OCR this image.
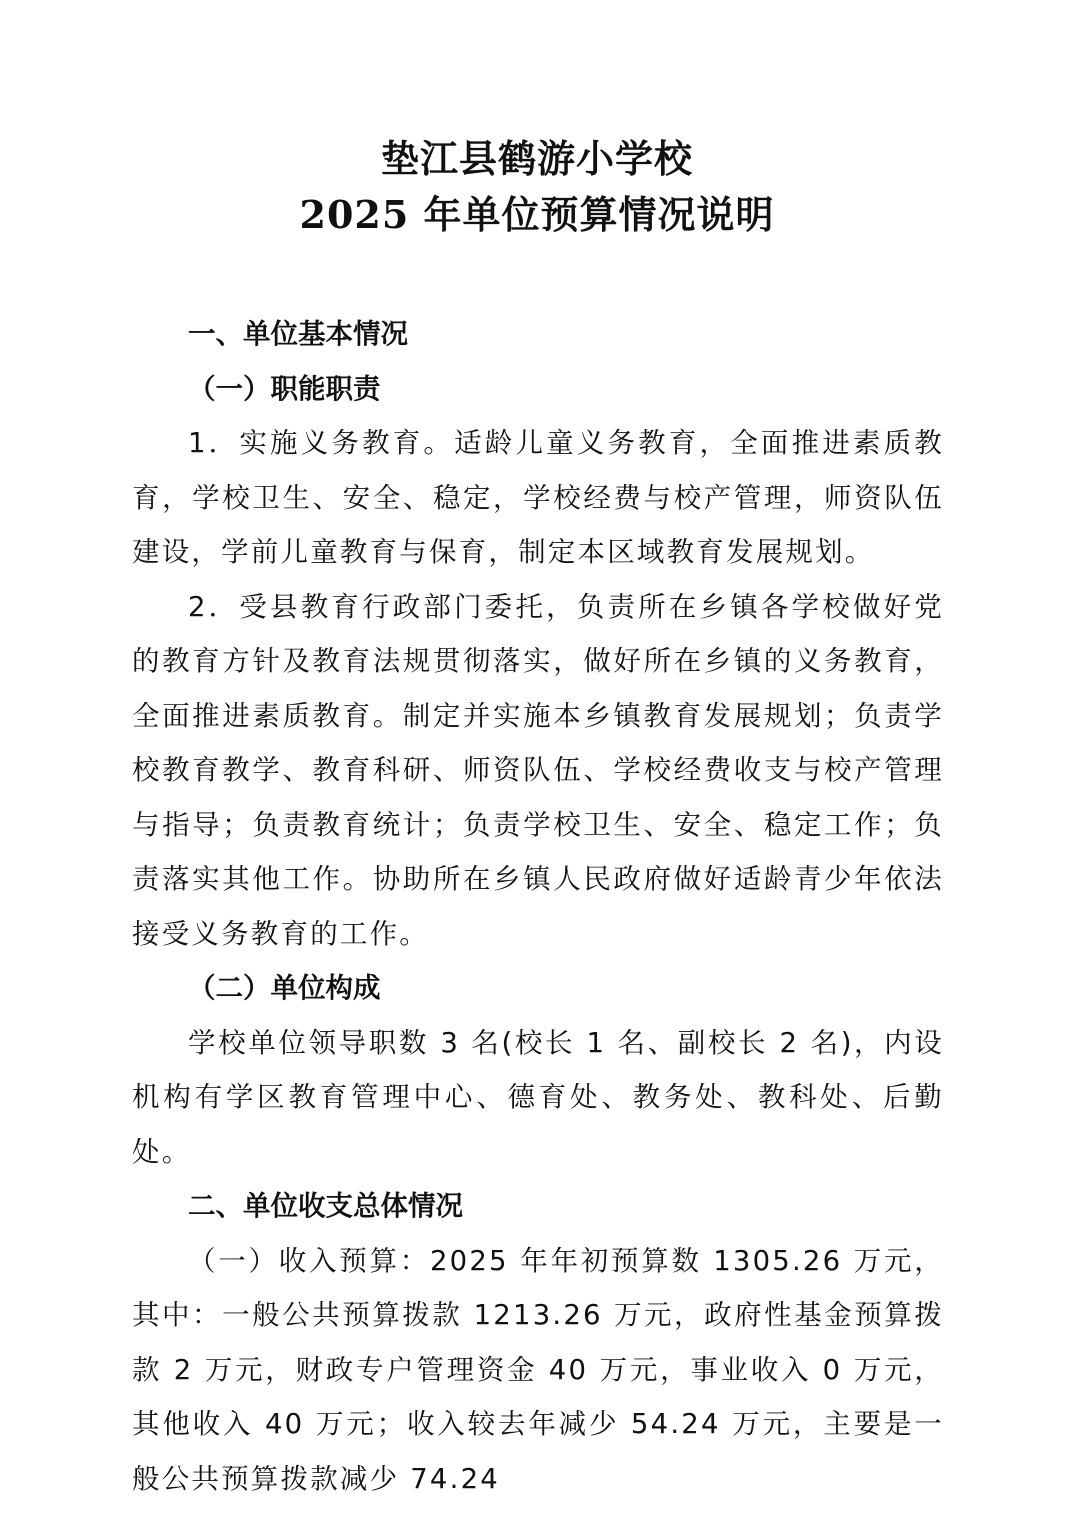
垫江县鹤游小学校
2025 年单位预算情况说明

一、单位基本情况

（一）职能职责

1．实施义务教育。适龄儿童义务教育，全面推进素质教育，学校卫生、安全、稳定，学校经费与校产管理，师资队伍建设，学前儿童教育与保育，制定本区域教育发展规划。

2．受县教育行政部门委托，负责所在乡镇各学校做好党的教育方针及教育法规贯彻落实，做好所在乡镇的义务教育，全面推进素质教育。制定并实施本乡镇教育发展规划；负责学校教育教学、教育科研、师资队伍、学校经费收支与校产管理与指导；负责教育统计；负责学校卫生、安全、稳定工作；负责落实其他工作。协助所在乡镇人民政府做好适龄青少年依法接受义务教育的工作。

（二）单位构成

学校单位领导职数 3 名(校长 1 名、副校长 2 名)，内设机构有学区教育管理中心、德育处、教务处、教科处、后勤处。

二、单位收支总体情况

（一）收入预算：2025 年年初预算数 1305.26 万元，其中：一般公共预算拨款 1213.26 万元，政府性基金预算拨款 2 万元，财政专户管理资金 40 万元，事业收入 0 万元，其他收入 40 万元；收入较去年减少 54.24 万元，主要是一般公共预算拨款减少 74.24
